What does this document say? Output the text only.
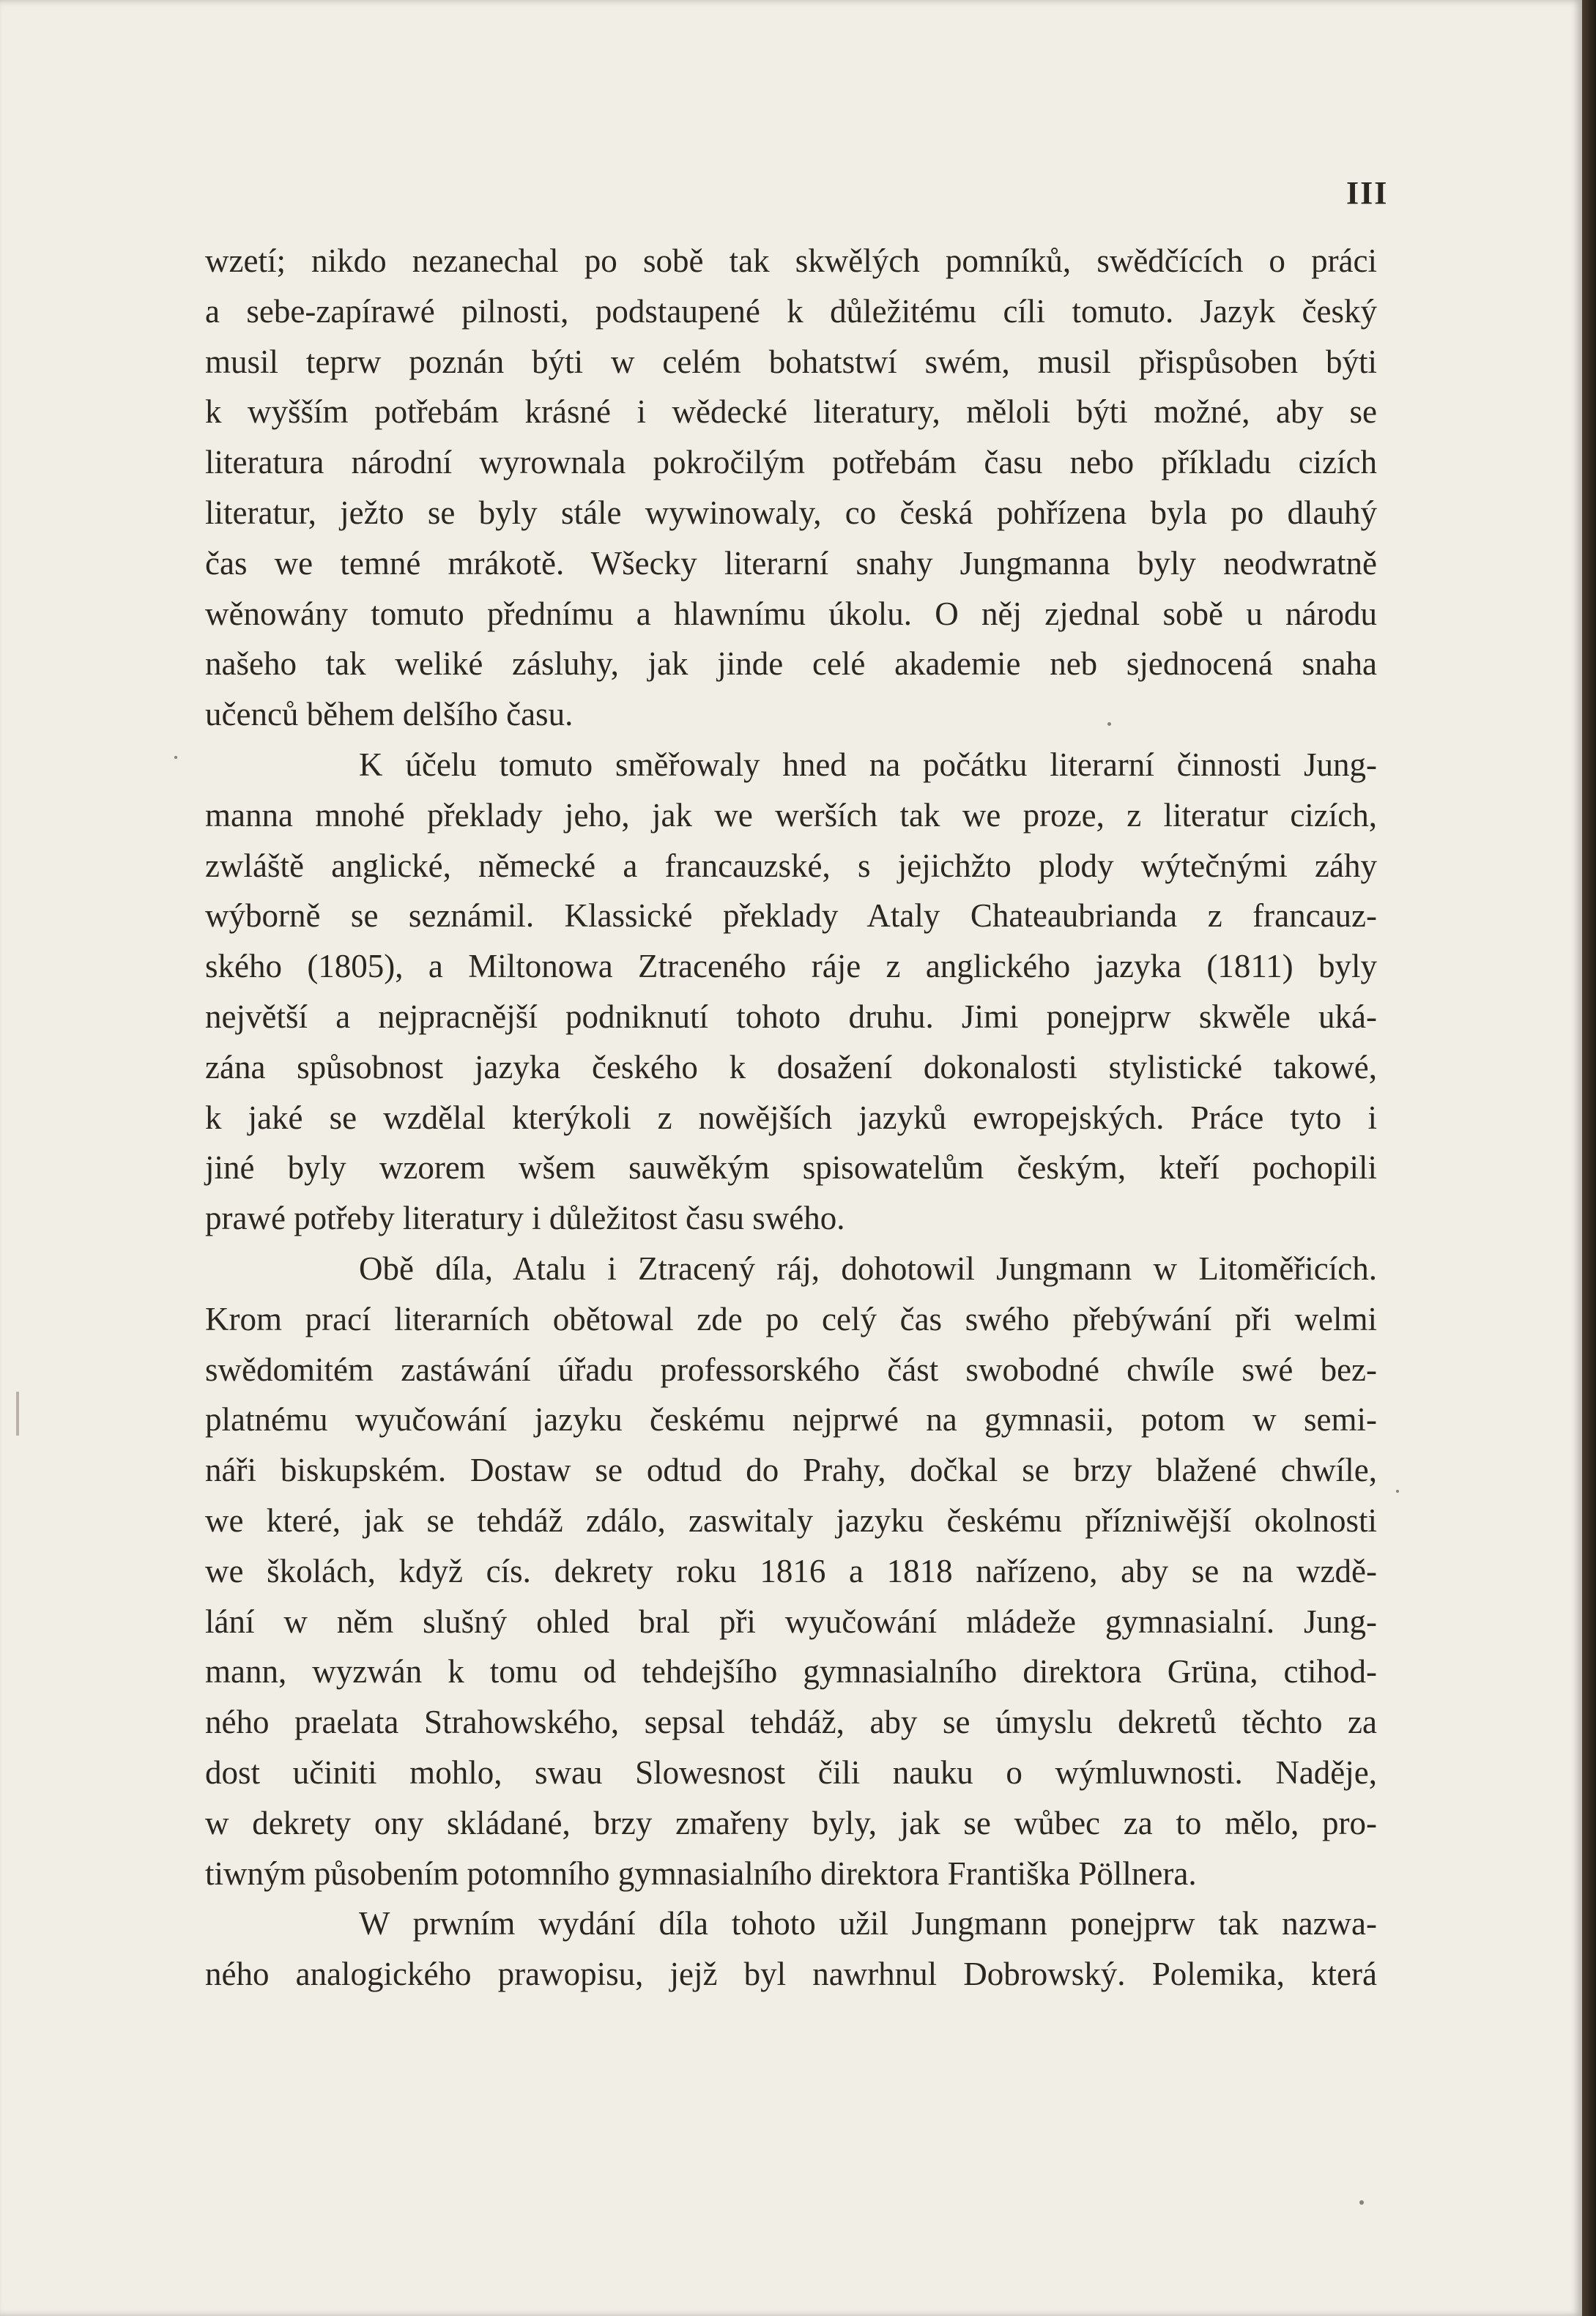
III
wzetí; nikdo nezanechal po sobě tak skwělých pomníků, swědčících o práci
a sebe-zapírawé pilnosti, podstaupené k důležitému cíli tomuto. Jazyk český
musil teprw poznán býti w celém bohatstwí swém, musil přispůsoben býti
k wyšším potřebám krásné i wědecké literatury, měloli býti možné, aby se
literatura národní wyrownala pokročilým potřebám času nebo příkladu cizích
literatur, ježto se byly stále wywinowaly, co česká pohřízena byla po dlauhý
čas we temné mrákotě. Wšecky literarní snahy Jungmanna byly neodwratně
wěnowány tomuto přednímu a hlawnímu úkolu. O něj zjednal sobě u národu
našeho tak weliké zásluhy, jak jinde celé akademie neb sjednocená snaha
učenců během delšího času.
K účelu tomuto směřowaly hned na počátku literarní činnosti Jung-
manna mnohé překlady jeho, jak we werších tak we proze, z literatur cizích,
zwláště anglické, německé a francauzské, s jejichžto plody wýtečnými záhy
wýborně se seznámil. Klassické překlady Ataly Chateaubrianda z francauz-
ského (1805), a Miltonowa Ztraceného ráje z anglického jazyka (1811) byly
největší a nejpracnější podniknutí tohoto druhu. Jimi ponejprw skwěle uká-
zána spůsobnost jazyka českého k dosažení dokonalosti stylistické takowé,
k jaké se wzdělal kterýkoli z nowějších jazyků ewropejských. Práce tyto i
jiné byly wzorem wšem sauwěkým spisowatelům českým, kteří pochopili
prawé potřeby literatury i důležitost času swého.
Obě díla, Atalu i Ztracený ráj, dohotowil Jungmann w Litoměřicích.
Krom prací literarních obětowal zde po celý čas swého přebýwání při welmi
swědomitém zastáwání úřadu professorského část swobodné chwíle swé bez-
platnému wyučowání jazyku českému nejprwé na gymnasii, potom w semi-
náři biskupském. Dostaw se odtud do Prahy, dočkal se brzy blažené chwíle,
we které, jak se tehdáž zdálo, zaswitaly jazyku českému přízniwější okolnosti
we školách, když cís. dekrety roku 1816 a 1818 nařízeno, aby se na wzdě-
lání w něm slušný ohled bral při wyučowání mládeže gymnasialní. Jung-
mann, wyzwán k tomu od tehdejšího gymnasialního direktora Grüna, ctihod-
ného praelata Strahowského, sepsal tehdáž, aby se úmyslu dekretů těchto za
dost učiniti mohlo, swau Slowesnost čili nauku o wýmluwnosti. Naděje,
w dekrety ony skládané, brzy zmařeny byly, jak se wůbec za to mělo, pro-
tiwným působením potomního gymnasialního direktora Františka Pöllnera.
W prwním wydání díla tohoto užil Jungmann ponejprw tak nazwa-
ného analogického prawopisu, jejž byl nawrhnul Dobrowský. Polemika, která
